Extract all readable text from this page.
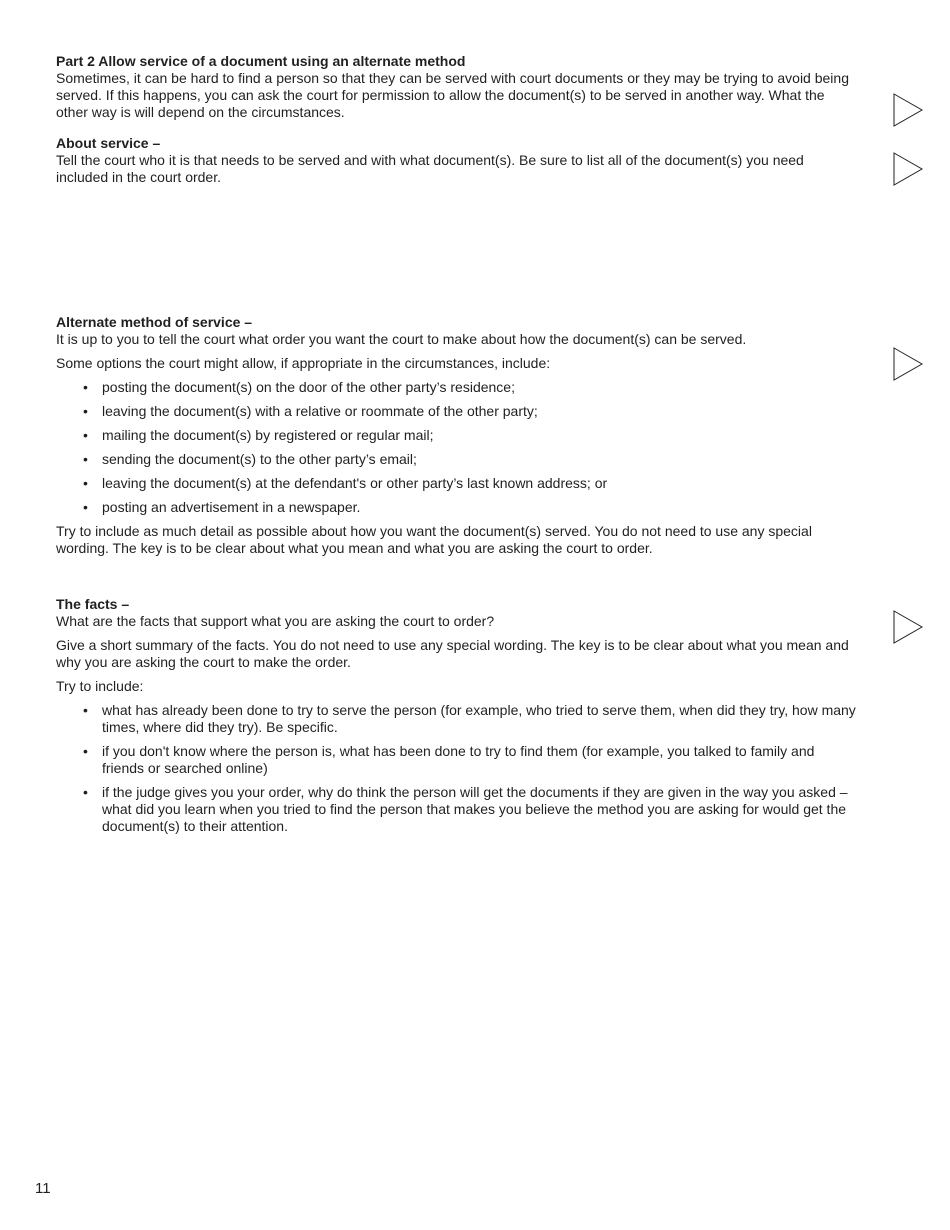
Part 2 Allow service of a document using an alternate method

Sometimes, it can be hard to find a person so that they can be served with court documents or they may be trying to avoid being served. If this happens, you can ask the court for permission to allow the document(s) to be served in another way. What the other way is will depend on the circumstances.

About service –

Tell the court who it is that needs to be served and with what document(s). Be sure to list all of the document(s) you need included in the court order.

Alternate method of service –

It is up to you to tell the court what order you want the court to make about how the document(s) can be served.

Some options the court might allow, if appropriate in the circumstances, include:

• posting the document(s) on the door of the other party’s residence;
• leaving the document(s) with a relative or roommate of the other party;
• mailing the document(s) by registered or regular mail;
• sending the document(s) to the other party’s email;
• leaving the document(s) at the defendant's or other party’s last known address; or
• posting an advertisement in a newspaper.

Try to include as much detail as possible about how you want the document(s) served. You do not need to use any special wording. The key is to be clear about what you mean and what you are asking the court to order.

The facts –

What are the facts that support what you are asking the court to order?

Give a short summary of the facts. You do not need to use any special wording. The key is to be clear about what you mean and why you are asking the court to make the order.

Try to include:

• what has already been done to try to serve the person (for example, who tried to serve them, when did they try, how many times, where did they try). Be specific.
• if you don't know where the person is, what has been done to try to find them (for example, you talked to family and friends or searched online)
• if the judge gives you your order, why do think the person will get the documents if they are given in the way you asked – what did you learn when you tried to find the person that makes you believe the method you are asking for would get the document(s) to their attention.
11
